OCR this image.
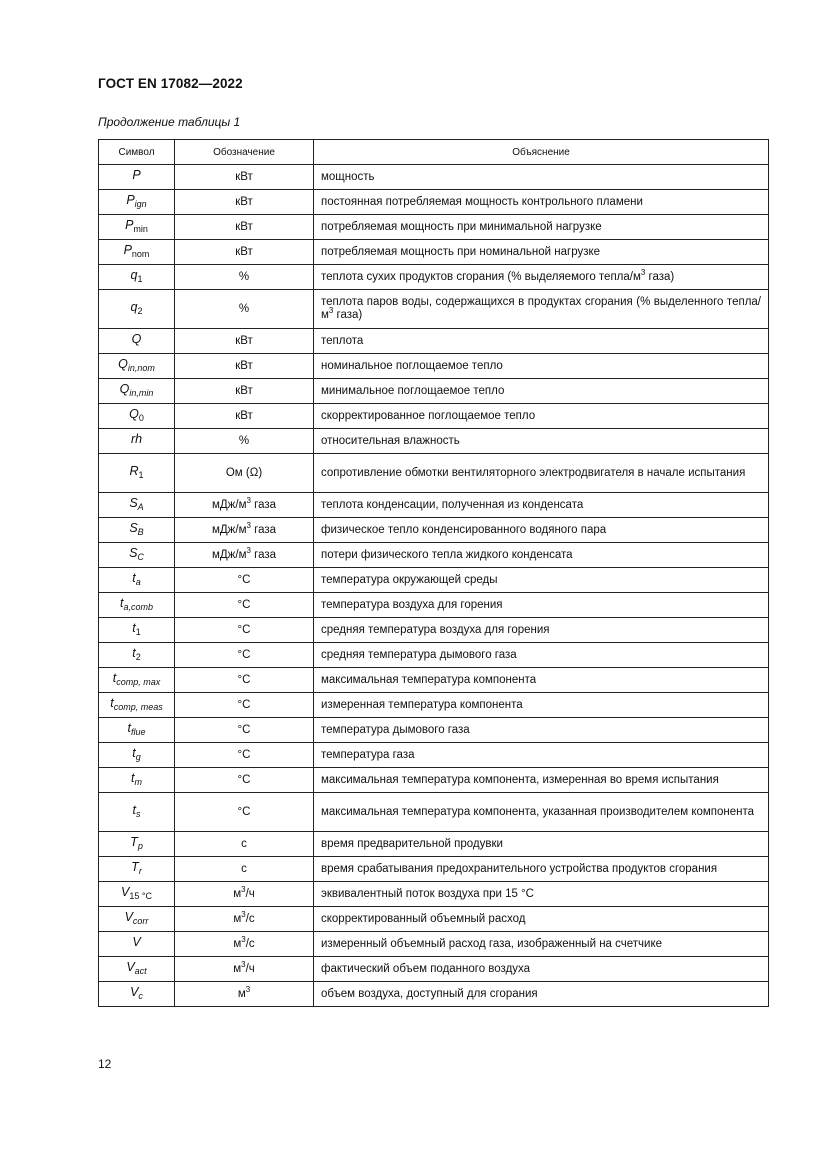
ГОСТ EN 17082—2022
Продолжение таблицы 1
Символ	Обозначение	Объяснение
P	кВт	мощность
$P_{ign}$	кВт	постоянная потребляемая мощность контрольного пламени
$P_{min}$	кВт	потребляемая мощность при минимальной нагрузке
$P_{nom}$	кВт	потребляемая мощность при номинальной нагрузке
$q_1$	%	теплота сухих продуктов сгорания (% выделяемого тепла/$м^3$ газа)
$q_2$	%	теплота паров воды, содержащихся в продуктах сгорания (% выделенного тепла/$м^3$ газа)
Q	кВт	теплота
$Q_{in,nom}$	кВт	номинальное поглощаемое тепло
$Q_{in,min}$	кВт	минимальное поглощаемое тепло
$Q_0$	кВт	скорректированное поглощаемое тепло
rh	%	относительная влажность
$R_1$	Ом (Ω)	сопротивление обмотки вентиляторного электродвигателя в начале испытания
$S_A$	мДж/$м^3$ газа	теплота конденсации, полученная из конденсата
$S_B$	мДж/$м^3$ газа	физическое тепло конденсированного водяного пара
$S_C$	мДж/$м^3$ газа	потери физического тепла жидкого конденсата
$t_a$	°C	температура окружающей среды
$t_{a,comb}$	°C	температура воздуха для горения
$t_1$	°C	средняя температура воздуха для горения
$t_2$	°C	средняя температура дымового газа
$t_{comp, max}$	°C	максимальная температура компонента
$t_{comp, meas}$	°C	измеренная температура компонента
$t_{flue}$	°C	температура дымового газа
$t_g$	°C	температура газа
$t_m$	°C	максимальная температура компонента, измеренная во время испытания
$t_s$	°C	максимальная температура компонента, указанная производителем компонента
$T_p$	с	время предварительной продувки
$T_r$	с	время срабатывания предохранительного устройства продуктов сгорания
$V_{15 ^\circ C}$	$м^3/ч$	эквивалентный поток воздуха при 15 °C
$V_{corr}$	$м^3/с$	скорректированный объемный расход
V	$м^3/с$	измеренный объемный расход газа, изображенный на счетчике
$V_{act}$	$м^3/ч$	фактический объем поданного воздуха
$V_c$	$м^3$	объем воздуха, доступный для сгорания
12
